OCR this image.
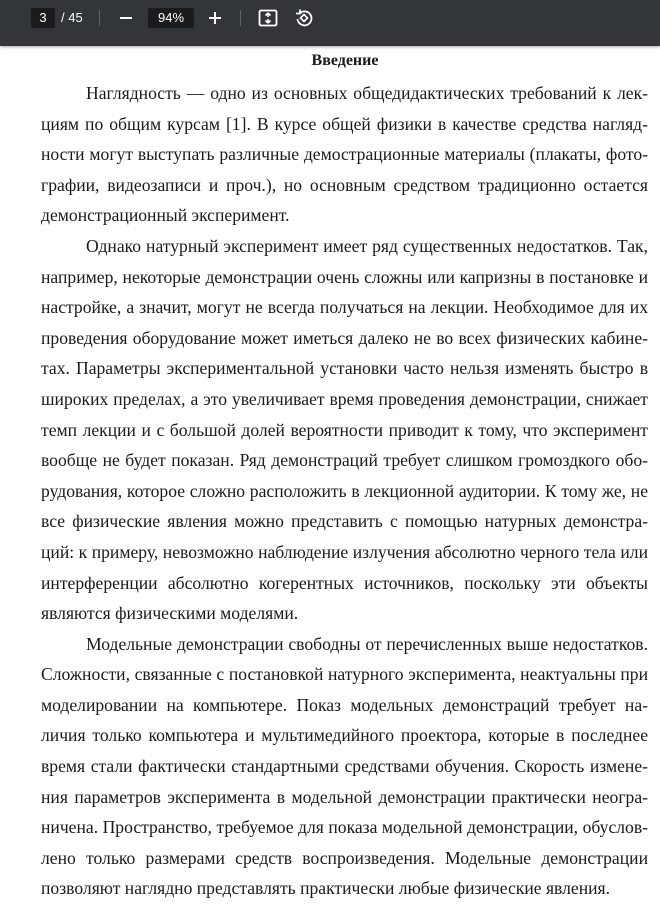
3	/ 45	94%
Введение

Наглядность — одно из основных общедидактических требований к лекциям по общим курсам [1]. В курсе общей физики в качестве средства наглядности могут выступать различные демострационные материалы (плакаты, фотографии, видеозаписи и проч.), но основным средством традиционно остается демонстрационный эксперимент.

Однако натурный эксперимент имеет ряд существенных недостатков. Так, например, некоторые демонстрации очень сложны или капризны в постановке и настройке, а значит, могут не всегда получаться на лекции. Необходимое для их проведения оборудование может иметься далеко не во всех физических кабинетах. Параметры экспериментальной установки часто нельзя изменять быстро в широких пределах, а это увеличивает время проведения демонстрации, снижает темп лекции и с большой долей вероятности приводит к тому, что эксперимент вообще не будет показан. Ряд демонстраций требует слишком громоздкого оборудования, которое сложно расположить в лекционной аудитории. К тому же, не все физические явления можно представить с помощью натурных демонстраций: к примеру, невозможно наблюдение излучения абсолютно черного тела или интерференции абсолютно когерентных источников, поскольку эти объекты являются физическими моделями.

Модельные демонстрации свободны от перечисленных выше недостатков. Сложности, связанные с постановкой натурного эксперимента, неактуальны при моделировании на компьютере. Показ модельных демонстраций требует наличия только компьютера и мультимедийного проектора, которые в последнее время стали фактически стандартными средствами обучения. Скорость изменения параметров эксперимента в модельной демонстрации практически неограничена. Пространство, требуемое для показа модельной демонстрации, обусловлено только размерами средств воспроизведения. Модельные демонстрации позволяют наглядно представлять практически любые физические явления.
